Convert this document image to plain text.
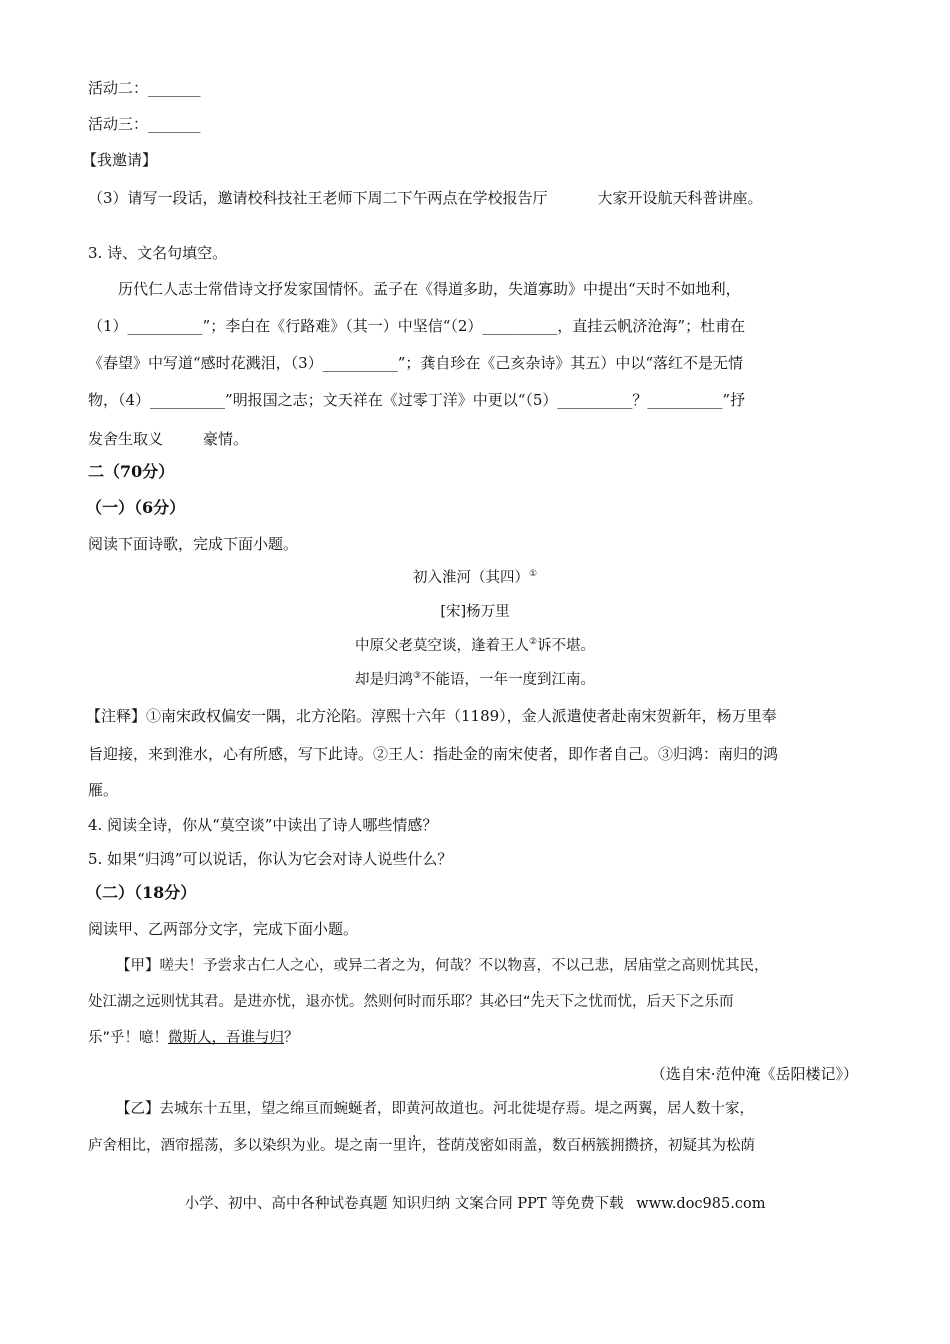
活动二：_______
活动三：_______
【我邀请】
（3）请写一段话，邀请校科技社王老师下周二下午两点在学校报告厅	大家开设航天科普讲座。
3. 诗、文名句填空。
历代仁人志士常借诗文抒发家国情怀。孟子在《得道多助，失道寡助》中提出“天时不如地利，
（1）__________”；李白在《行路难》（其一）中坚信“（2）__________，直挂云帆济沧海”；杜甫在
《春望》中写道“感时花溅泪，（3）__________”；龚自珍在《己亥杂诗》其五）中以“落红不是无情
物，（4）__________”明报国之志；文天祥在《过零丁洋》中更以“（5）__________？__________”抒
发舍生取义	豪情。
二（70分）
（一）（6分）
阅读下面诗歌，完成下面小题。
初入淮河（其四）①
[宋]杨万里
中原父老莫空谈，逢着王人②诉不堪。
却是归鸿③不能语，一年一度到江南。
【注释】①南宋政权偏安一隅，北方沦陷。淳熙十六年（1189），金人派遣使者赴南宋贺新年，杨万里奉
旨迎接，来到淮水，心有所感，写下此诗。②王人：指赴金的南宋使者，即作者自己。③归鸿：南归的鸿
雁。
4. 阅读全诗，你从“莫空谈”中读出了诗人哪些情感？
5. 如果“归鸿”可以说话，你认为它会对诗人说些什么？
（二）（18分）
阅读甲、乙两部分文字，完成下面小题。
【甲】嗟夫！予尝求古仁人之心，或异二者之为，何哉？不以物喜，不以己悲，居庙堂之高则忧其民，
处江湖之远则忧其君。是进亦忧，退亦忧。然则何时而乐耶？其必曰“先天下之忧而忧，后天下之乐而
乐”乎！噫！微斯人，吾谁与归？
（选自宋·范仲淹《岳阳楼记》）
【乙】去城东十五里，望之绵亘而蜿蜒者，即黄河故道也。河北徙堤存焉。堤之两翼，居人数十家，
庐舍相比，酒帘摇荡，多以染织为业。堤之南一里许，苍荫茂密如雨盖，数百柄簇拥攒挤，初疑其为松荫
小学、初中、高中各种试卷真题 知识归纳 文案合同 PPT 等免费下载 www.doc985.com
